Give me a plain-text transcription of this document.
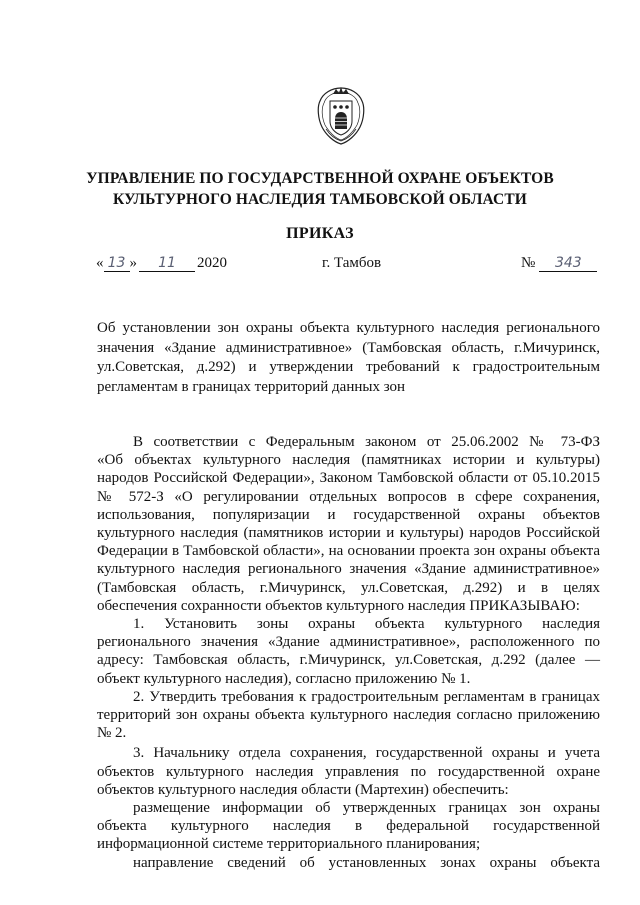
УПРАВЛЕНИЕ ПО ГОСУДАРСТВЕННОЙ ОХРАНЕ ОБЪЕКТОВ
КУЛЬТУРНОГО НАСЛЕДИЯ ТАМБОВСКОЙ ОБЛАСТИ
ПРИКАЗ
« 13 » 11 2020	г. Тамбов	№ 343
Об установлении зон охраны объекта культурного наследия регионального
значения «Здание административное» (Тамбовская область, г.Мичуринск,
ул.Советская, д.292) и утверждении требований к градостроительным
регламентам в границах территорий данных зон
В соответствии с Федеральным законом от 25.06.2002 № 73-ФЗ
«Об объектах культурного наследия (памятниках истории и культуры)
народов Российской Федерации», Законом Тамбовской области от 05.10.2015
№ 572-З «О регулировании отдельных вопросов в сфере сохранения,
использования, популяризации и государственной охраны объектов
культурного наследия (памятников истории и культуры) народов Российской
Федерации в Тамбовской области», на основании проекта зон охраны объекта
культурного наследия регионального значения «Здание административное»
(Тамбовская область, г.Мичуринск, ул.Советская, д.292) и в целях
обеспечения сохранности объектов культурного наследия ПРИКАЗЫВАЮ:
1. Установить зоны охраны объекта культурного наследия
регионального значения «Здание административное», расположенного по
адресу: Тамбовская область, г.Мичуринск, ул.Советская, д.292 (далее —
объект культурного наследия), согласно приложению № 1.
2. Утвердить требования к градостроительным регламентам в границах
территорий зон охраны объекта культурного наследия согласно приложению
№ 2.
3. Начальнику отдела сохранения, государственной охраны и учета
объектов культурного наследия управления по государственной охране
объектов культурного наследия области (Мартехин) обеспечить:
размещение информации об утвержденных границах зон охраны
объекта культурного наследия в федеральной государственной
информационной системе территориального планирования;
направление сведений об установленных зонах охраны объекта
